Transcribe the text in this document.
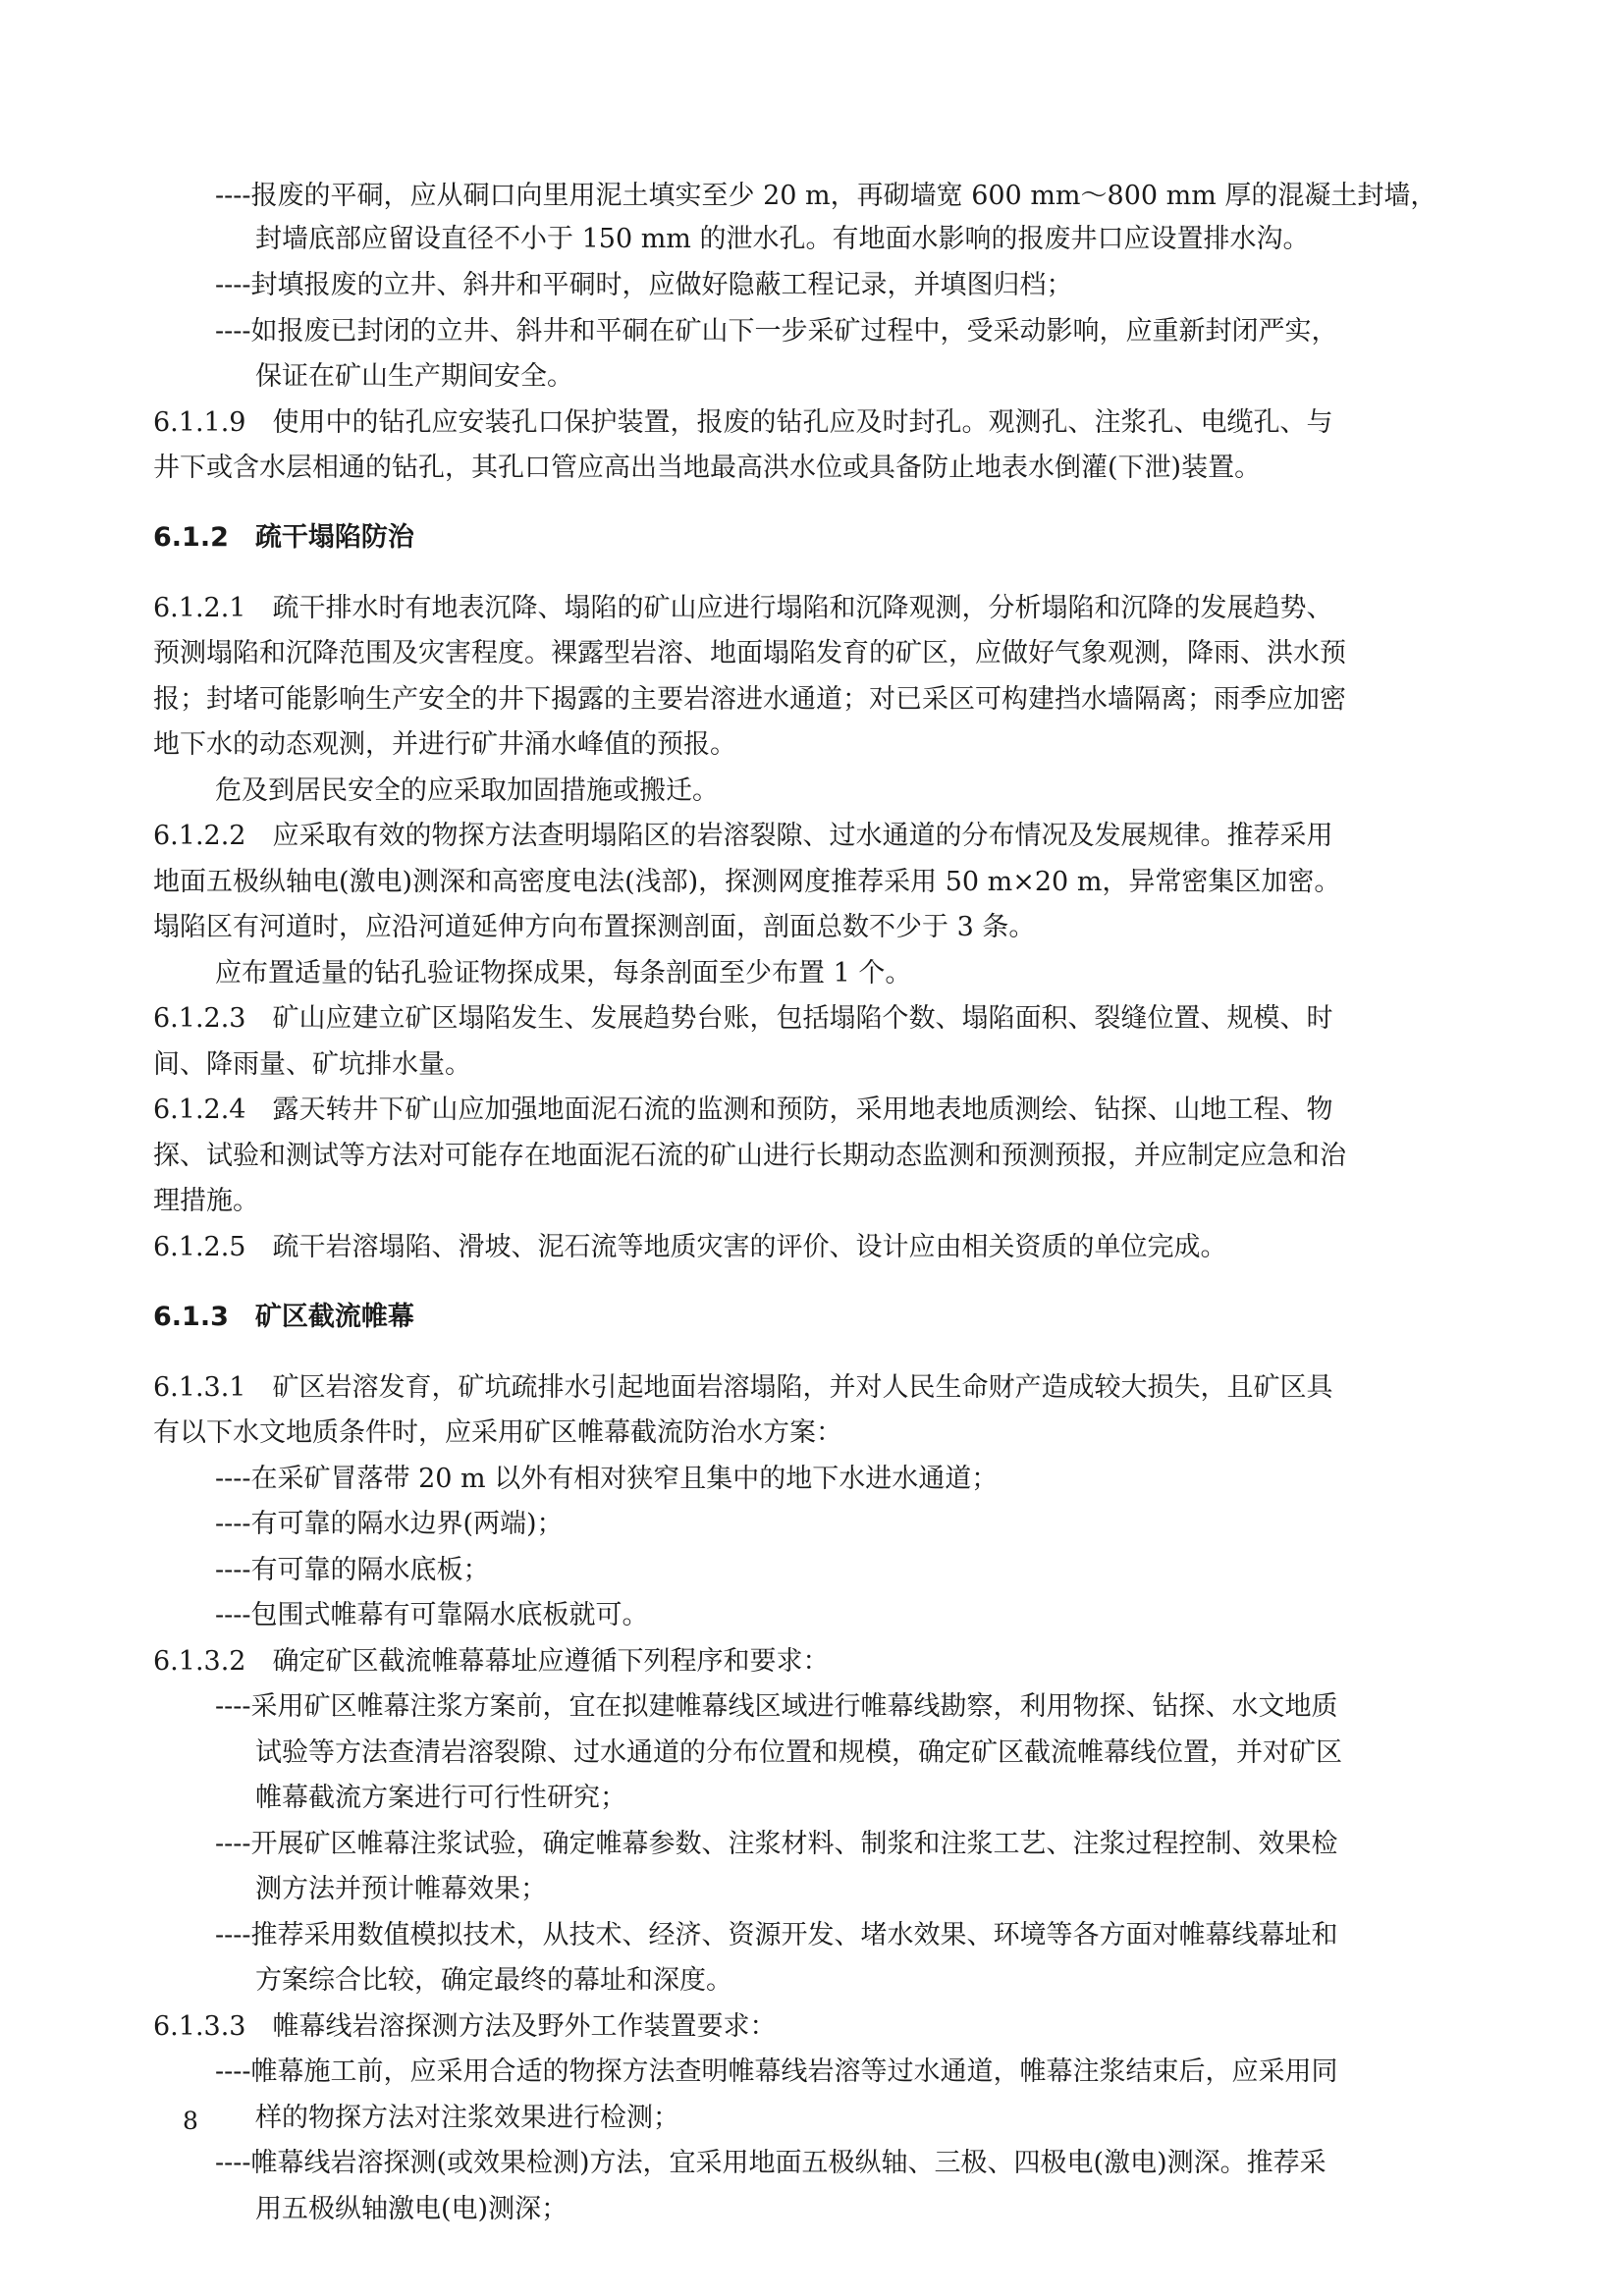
----报废的平硐，应从硐口向里用泥土填实至少 20 m，再砌墙宽 600 mm～800 mm 厚的混凝土封墙，
封墙底部应留设直径不小于 150 mm 的泄水孔。有地面水影响的报废井口应设置排水沟。
----封填报废的立井、斜井和平硐时，应做好隐蔽工程记录，并填图归档；
----如报废已封闭的立井、斜井和平硐在矿山下一步采矿过程中，受采动影响，应重新封闭严实，
保证在矿山生产期间安全。
6.1.1.9　使用中的钻孔应安装孔口保护装置，报废的钻孔应及时封孔。观测孔、注浆孔、电缆孔、与
井下或含水层相通的钻孔，其孔口管应高出当地最高洪水位或具备防止地表水倒灌(下泄)装置。
6.1.2　疏干塌陷防治
6.1.2.1　疏干排水时有地表沉降、塌陷的矿山应进行塌陷和沉降观测，分析塌陷和沉降的发展趋势、
预测塌陷和沉降范围及灾害程度。裸露型岩溶、地面塌陷发育的矿区，应做好气象观测，降雨、洪水预
报；封堵可能影响生产安全的井下揭露的主要岩溶进水通道；对已采区可构建挡水墙隔离；雨季应加密
地下水的动态观测，并进行矿井涌水峰值的预报。
危及到居民安全的应采取加固措施或搬迁。
6.1.2.2　应采取有效的物探方法查明塌陷区的岩溶裂隙、过水通道的分布情况及发展规律。推荐采用
地面五极纵轴电(激电)测深和高密度电法(浅部)，探测网度推荐采用 50 m×20 m，异常密集区加密。
塌陷区有河道时，应沿河道延伸方向布置探测剖面，剖面总数不少于 3 条。
应布置适量的钻孔验证物探成果，每条剖面至少布置 1 个。
6.1.2.3　矿山应建立矿区塌陷发生、发展趋势台账，包括塌陷个数、塌陷面积、裂缝位置、规模、时
间、降雨量、矿坑排水量。
6.1.2.4　露天转井下矿山应加强地面泥石流的监测和预防，采用地表地质测绘、钻探、山地工程、物
探、试验和测试等方法对可能存在地面泥石流的矿山进行长期动态监测和预测预报，并应制定应急和治
理措施。
6.1.2.5　疏干岩溶塌陷、滑坡、泥石流等地质灾害的评价、设计应由相关资质的单位完成。
6.1.3　矿区截流帷幕
6.1.3.1　矿区岩溶发育，矿坑疏排水引起地面岩溶塌陷，并对人民生命财产造成较大损失，且矿区具
有以下水文地质条件时，应采用矿区帷幕截流防治水方案：
----在采矿冒落带 20 m 以外有相对狭窄且集中的地下水进水通道；
----有可靠的隔水边界(两端)；
----有可靠的隔水底板；
----包围式帷幕有可靠隔水底板就可。
6.1.3.2　确定矿区截流帷幕幕址应遵循下列程序和要求：
----采用矿区帷幕注浆方案前，宜在拟建帷幕线区域进行帷幕线勘察，利用物探、钻探、水文地质
试验等方法查清岩溶裂隙、过水通道的分布位置和规模，确定矿区截流帷幕线位置，并对矿区
帷幕截流方案进行可行性研究；
----开展矿区帷幕注浆试验，确定帷幕参数、注浆材料、制浆和注浆工艺、注浆过程控制、效果检
测方法并预计帷幕效果；
----推荐采用数值模拟技术，从技术、经济、资源开发、堵水效果、环境等各方面对帷幕线幕址和
方案综合比较，确定最终的幕址和深度。
6.1.3.3　帷幕线岩溶探测方法及野外工作装置要求：
----帷幕施工前，应采用合适的物探方法查明帷幕线岩溶等过水通道，帷幕注浆结束后，应采用同
样的物探方法对注浆效果进行检测；
----帷幕线岩溶探测(或效果检测)方法，宜采用地面五极纵轴、三极、四极电(激电)测深。推荐采
用五极纵轴激电(电)测深；
8
